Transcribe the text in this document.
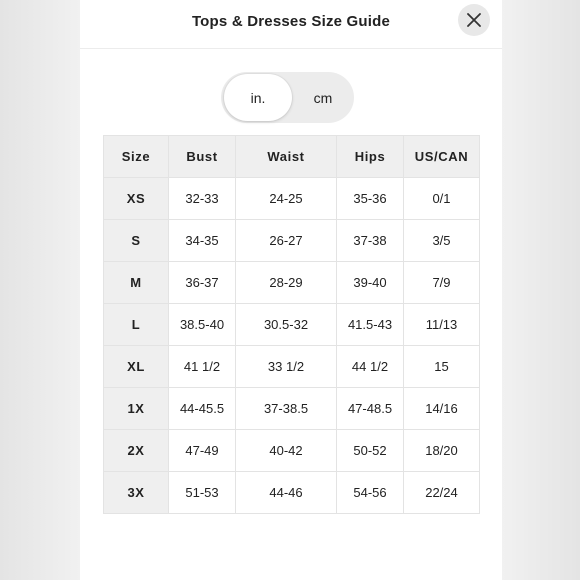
Tops & Dresses Size Guide
in.	cm
Size	Bust	Waist	Hips	US/CAN
XS	32-33	24-25	35-36	0/1
S	34-35	26-27	37-38	3/5
M	36-37	28-29	39-40	7/9
L	38.5-40	30.5-32	41.5-43	11/13
XL	41 1/2	33 1/2	44 1/2	15
1X	44-45.5	37-38.5	47-48.5	14/16
2X	47-49	40-42	50-52	18/20
3X	51-53	44-46	54-56	22/24
